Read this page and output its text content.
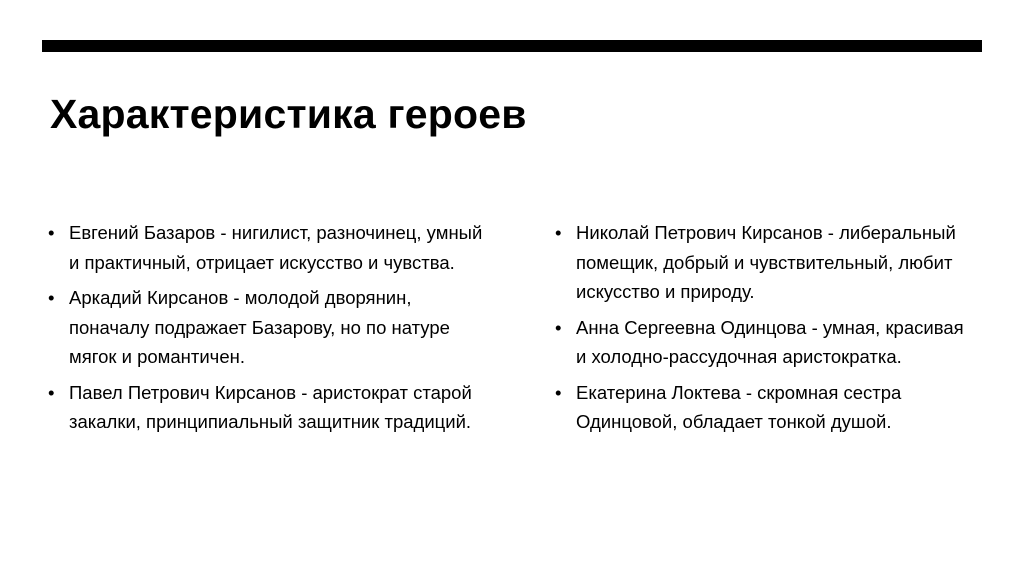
Характеристика героев
• Евгений Базаров - нигилист, разночинец, умный и практичный, отрицает искусство и чувства.
• Аркадий Кирсанов - молодой дворянин, поначалу подражает Базарову, но по натуре мягок и романтичен.
• Павел Петрович Кирсанов - аристократ старой закалки, принципиальный защитник традиций.
• Николай Петрович Кирсанов - либеральный помещик, добрый и чувствительный, любит искусство и природу.
• Анна Сергеевна Одинцова - умная, красивая и холодно-рассудочная аристократка.
• Екатерина Локтева - скромная сестра Одинцовой, обладает тонкой душой.
